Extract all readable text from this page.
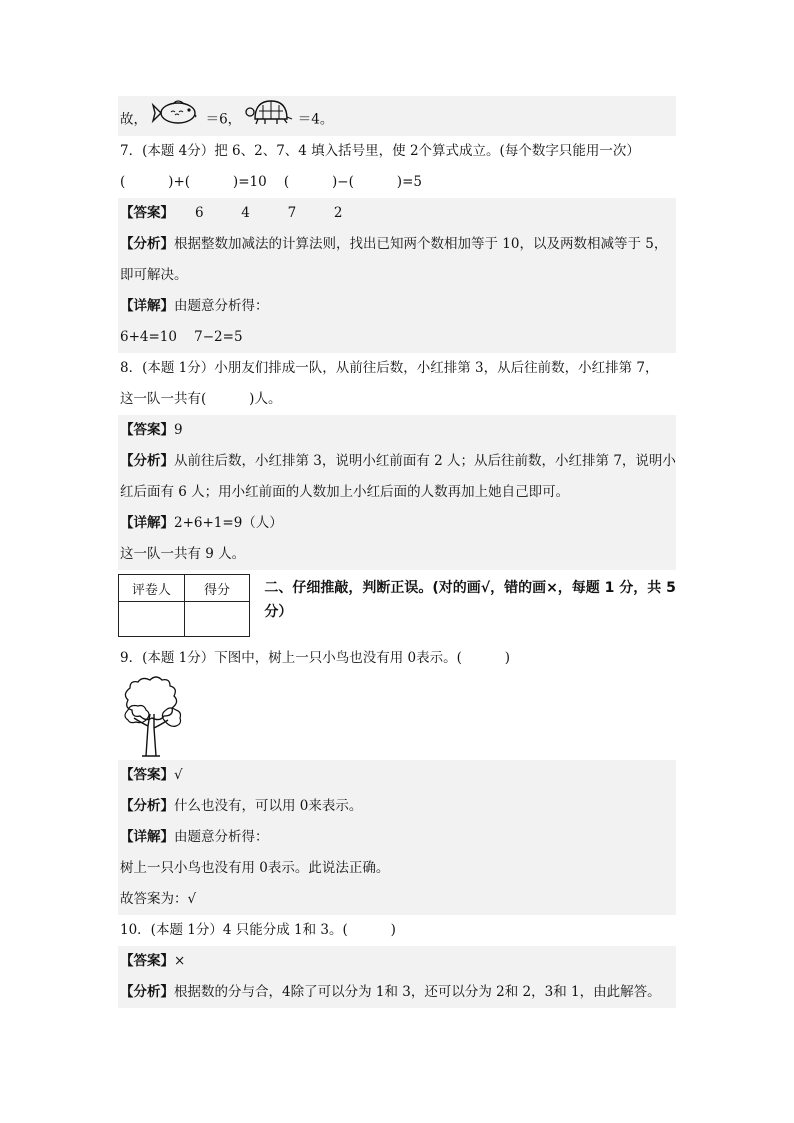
故，	＝6，	＝4。
7．(本题 4分）把 6、2、7、4 填入括号里，使 2个算式成立。(每个数字只能用一次）
(          )+(          )=10    (          )−(          )=5
【答案】 6	4	7	2
【分析】根据整数加减法的计算法则，找出已知两个数相加等于 10，以及两数相减等于 5，即可解决。
【详解】由题意分析得：
6+4=10    7−2=5
8．(本题 1分）小朋友们排成一队，从前往后数，小红排第 3，从后往前数，小红排第 7，
这一队一共有(          )人。
【答案】9
【分析】从前往后数，小红排第 3，说明小红前面有 2 人；从后往前数，小红排第 7，说明小红后面有 6 人；用小红前面的人数加上小红后面的人数再加上她自己即可。
【详解】2+6+1=9（人）
这一队一共有 9 人。
评卷人	得分
	二、仔细推敲，判断正误。(对的画√，错的画×，每题 1 分，共 5 分）
9．(本题 1分）下图中，树上一只小鸟也没有用 0表示。(          )
【答案】√
【分析】什么也没有，可以用 0来表示。
【详解】由题意分析得：
树上一只小鸟也没有用 0表示。此说法正确。
故答案为：√
10．(本题 1分）4 只能分成 1和 3。(          )
【答案】×
【分析】根据数的分与合，4除了可以分为 1和 3，还可以分为 2和 2，3和 1，由此解答。
